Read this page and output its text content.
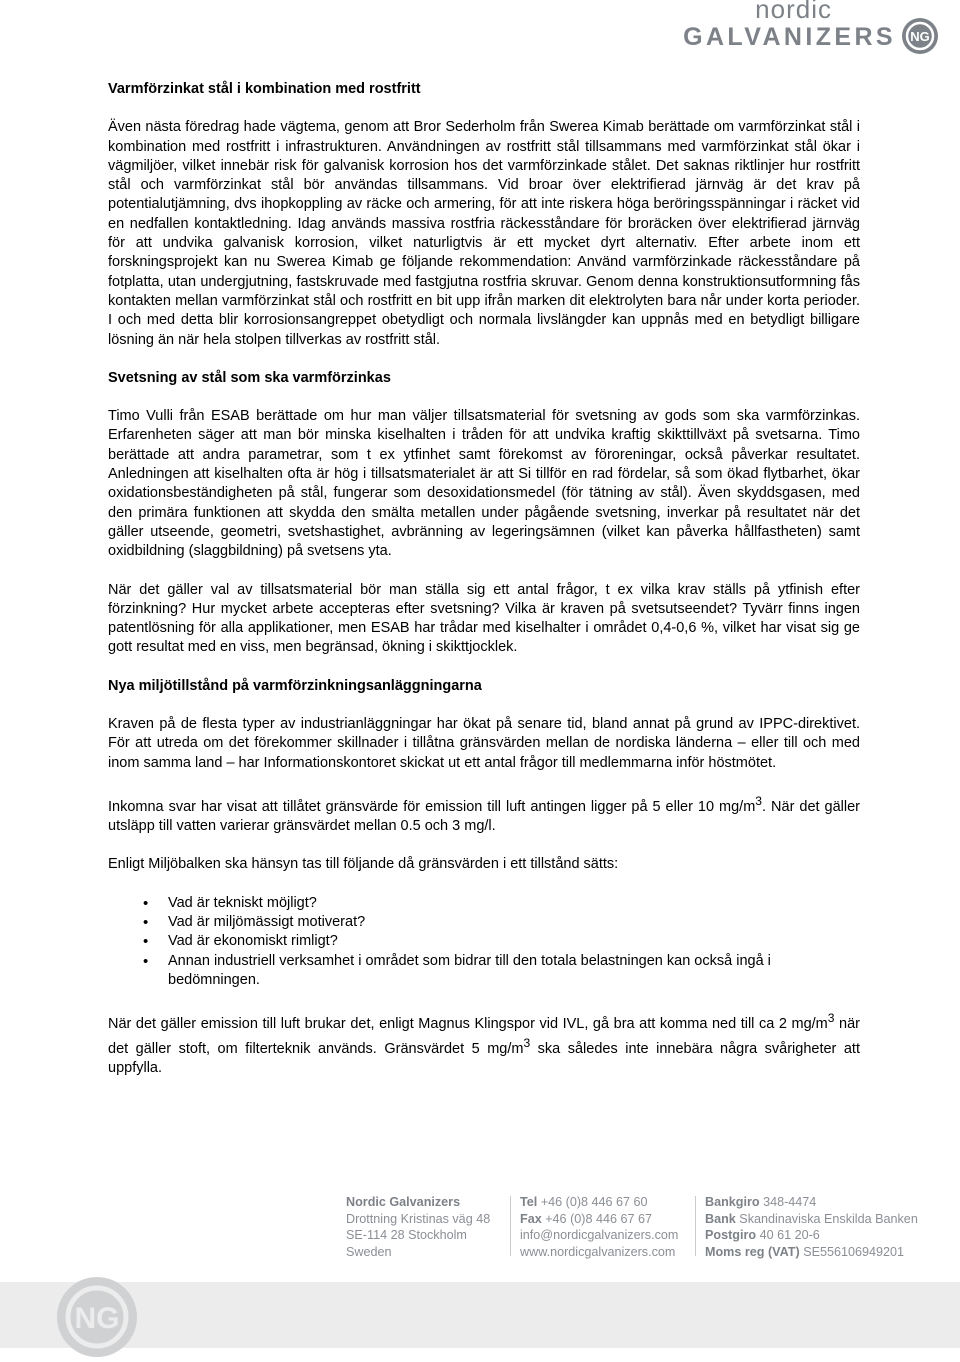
nordic
GALVANIZERS NG
Varmförzinkat stål i kombination med rostfritt

Även nästa föredrag hade vägtema, genom att Bror Sederholm från Swerea Kimab berättade om varmförzinkat stål i kombination med rostfritt i infrastrukturen. Användningen av rostfritt stål tillsammans med varmförzinkat stål ökar i vägmiljöer, vilket innebär risk för galvanisk korrosion hos det varmförzinkade stålet. Det saknas riktlinjer hur rostfritt stål och varmförzinkat stål bör användas tillsammans. Vid broar över elektrifierad järnväg är det krav på potentialutjämning, dvs ihopkoppling av räcke och armering, för att inte riskera höga beröringsspänningar i räcket vid en nedfallen kontaktledning. Idag används massiva rostfria räckesståndare för broräcken över elektrifierad järnväg för att undvika galvanisk korrosion, vilket naturligtvis är ett mycket dyrt alternativ. Efter arbete inom ett forskningsprojekt kan nu Swerea Kimab ge följande rekommendation: Använd varmförzinkade räckesståndare på fotplatta, utan undergjutning, fastskruvade med fastgjutna rostfria skruvar. Genom denna konstruktionsutformning fås kontakten mellan varmförzinkat stål och rostfritt en bit upp ifrån marken dit elektrolyten bara når under korta perioder. I och med detta blir korrosionsangreppet obetydligt och normala livslängder kan uppnås med en betydligt billigare lösning än när hela stolpen tillverkas av rostfritt stål.

Svetsning av stål som ska varmförzinkas

Timo Vulli från ESAB berättade om hur man väljer tillsatsmaterial för svetsning av gods som ska varmförzinkas. Erfarenheten säger att man bör minska kiselhalten i tråden för att undvika kraftig skikttillväxt på svetsarna. Timo berättade att andra parametrar, som t ex ytfinhet samt förekomst av föroreningar, också påverkar resultatet. Anledningen att kiselhalten ofta är hög i tillsatsmaterialet är att Si tillför en rad fördelar, så som ökad flytbarhet, ökar oxidationsbeständigheten på stål, fungerar som desoxidationsmedel (för tätning av stål). Även skyddsgasen, med den primära funktionen att skydda den smälta metallen under pågående svetsning, inverkar på resultatet när det gäller utseende, geometri, svetshastighet, avbränning av legeringsämnen (vilket kan påverka hållfastheten) samt oxidbildning (slaggbildning) på svetsens yta.

När det gäller val av tillsatsmaterial bör man ställa sig ett antal frågor, t ex vilka krav ställs på ytfinish efter förzinkning? Hur mycket arbete accepteras efter svetsning? Vilka är kraven på svetsutseendet? Tyvärr finns ingen patentlösning för alla applikationer, men ESAB har trådar med kiselhalter i området 0,4-0,6 %, vilket har visat sig ge gott resultat med en viss, men begränsad, ökning i skikttjocklek.

Nya miljötillstånd på varmförzinkningsanläggningarna

Kraven på de flesta typer av industrianläggningar har ökat på senare tid, bland annat på grund av IPPC-direktivet. För att utreda om det förekommer skillnader i tillåtna gränsvärden mellan de nordiska länderna – eller till och med inom samma land – har Informationskontoret skickat ut ett antal frågor till medlemmarna inför höstmötet.

Inkomna svar har visat att tillåtet gränsvärde för emission till luft antingen ligger på 5 eller 10 $mg/m^3$. När det gäller utsläpp till vatten varierar gränsvärdet mellan 0.5 och 3 mg/l.

Enligt Miljöbalken ska hänsyn tas till följande då gränsvärden i ett tillstånd sätts:

• Vad är tekniskt möjligt?
• Vad är miljömässigt motiverat?
• Vad är ekonomiskt rimligt?
• Annan industriell verksamhet i området som bidrar till den totala belastningen kan också ingå i bedömningen.

När det gäller emission till luft brukar det, enligt Magnus Klingspor vid IVL, gå bra att komma ned till ca 2 $mg/m^3$ när det gäller stoft, om filterteknik används. Gränsvärdet 5 $mg/m^3$ ska således inte innebära några svårigheter att uppfylla.

Nordic Galvanizers
Drottning Kristinas väg 48
SE-114 28 Stockholm
Sweden
Tel +46 (0)8 446 67 60
Fax +46 (0)8 446 67 67
info@nordicgalvanizers.com
www.nordicgalvanizers.com
Bankgiro 348-4474
Bank Skandinaviska Enskilda Banken
Postgiro 40 61 20-6
Moms reg (VAT) SE556106949201
NG
